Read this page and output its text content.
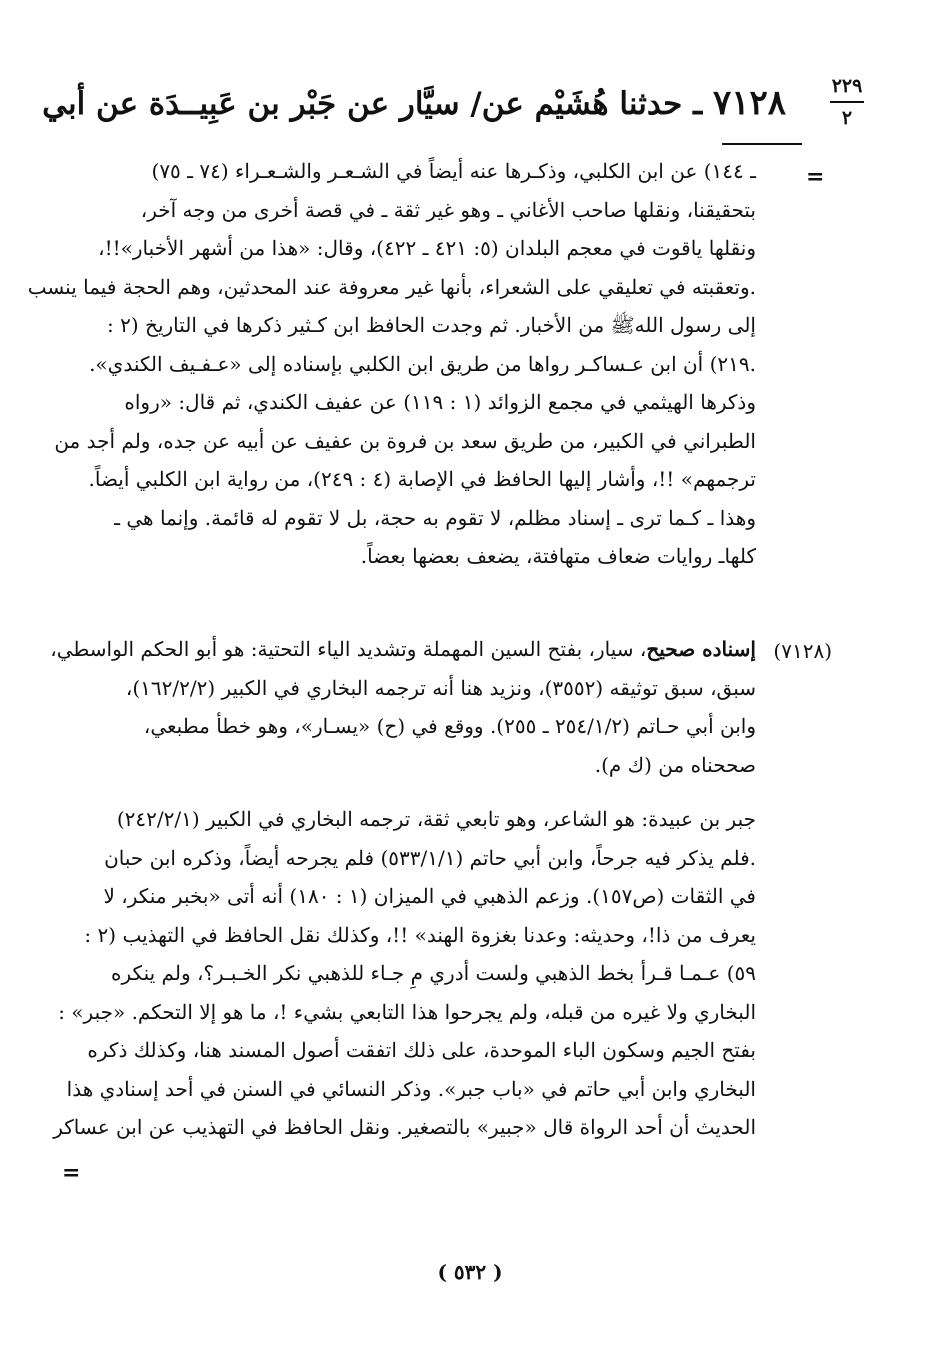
٢٢٩
٢
٧١٢٨ ـ حدثنا هُشَيْم عن/ سيَّار عن جَبْر بن عَبِيــدَة عن أبي
=
ـ ١٤٤) عن ابن الكلبي، وذكـرها عنه أيضاً في الشـعـر والشـعـراء (٧٤ ـ ٧٥)
بتحقيقنا، ونقلها صاحب الأغاني ـ وهو غير ثقة ـ في قصة أخرى من وجه آخر،
ونقلها ياقوت في معجم البلدان (٥: ٤٢١ ـ ٤٢٢)، وقال: «هذا من أشهر الأخبار»!!،
.وتعقبته في تعليقي على الشعراء، بأنها غير معروفة عند المحدثين، وهم الحجة فيما ينسب
إلى رسول اللهﷺ من الأخبار. ثم وجدت الحافظ ابن كـثير ذكرها في التاريخ (٢ :
.٢١٩) أن ابن عـساكـر رواها من طريق ابن الكلبي بإسناده إلى «عـفـيف الكندي».
وذكرها الهيثمي في مجمع الزوائد (١ : ١١٩) عن عفيف الكندي، ثم قال: «رواه
الطبراني في الكبير، من طريق سعد بن فروة بن عفيف عن أبيه عن جده، ولم أجد من
ترجمهم» !!، وأشار إليها الحافظ في الإصابة (٤ : ٢٤٩)، من رواية ابن الكلبي أيضاً.
وهذا ـ كـما ترى ـ إسناد مظلم، لا تقوم به حجة، بل لا تقوم له قائمة. وإنما هي ـ
كلهاـ روايات ضعاف متهافتة، يضعف بعضها بعضاً.
(٧١٢٨)
إسناده صحيح، سيار، بفتح السين المهملة وتشديد الياء التحتية: هو أبو الحكم الواسطي،
سبق، سبق توثيقه (٣٥٥٢)، ونزيد هنا أنه ترجمه البخاري في الكبير (١٦٢/٢/٢)،
وابن أبي حـاتم (٢٥٤/١/٢ ـ ٢٥٥). ووقع في (ح) «يسـار»، وهو خطأ مطبعي،
صححناه من (ك م).
جبر بن عبيدة: هو الشاعر، وهو تابعي ثقة، ترجمه البخاري في الكبير (٢٤٢/٢/١)
.فلم يذكر فيه جرحاً، وابن أبي حاتم (٥٣٣/١/١) فلم يجرحه أيضاً، وذكره ابن حبان
في الثقات (ص١٥٧). وزعم الذهبي في الميزان (١ : ١٨٠) أنه أتى «بخبر منكر، لا
يعرف من ذا!، وحديثه: وعدنا بغزوة الهند» !!، وكذلك نقل الحافظ في التهذيب (٢ :
٥٩) عـمـا قـرأ بخط الذهبي ولست أدري مِ جـاء للذهبي نكر الخـبـر؟، ولم ينكره
البخاري ولا غيره من قبله، ولم يجرحوا هذا التابعي بشيء !، ما هو إلا التحكم. «جبر» :
بفتح الجيم وسكون الباء الموحدة، على ذلك اتفقت أصول المسند هنا، وكذلك ذكره
البخاري وابن أبي حاتم في «باب جبر». وذكر النسائي في السنن في أحد إسنادي هذا
الحديث أن أحد الرواة قال «جبير» بالتصغير. ونقل الحافظ في التهذيب عن ابن عساكر
=
( ٥٣٢ )
